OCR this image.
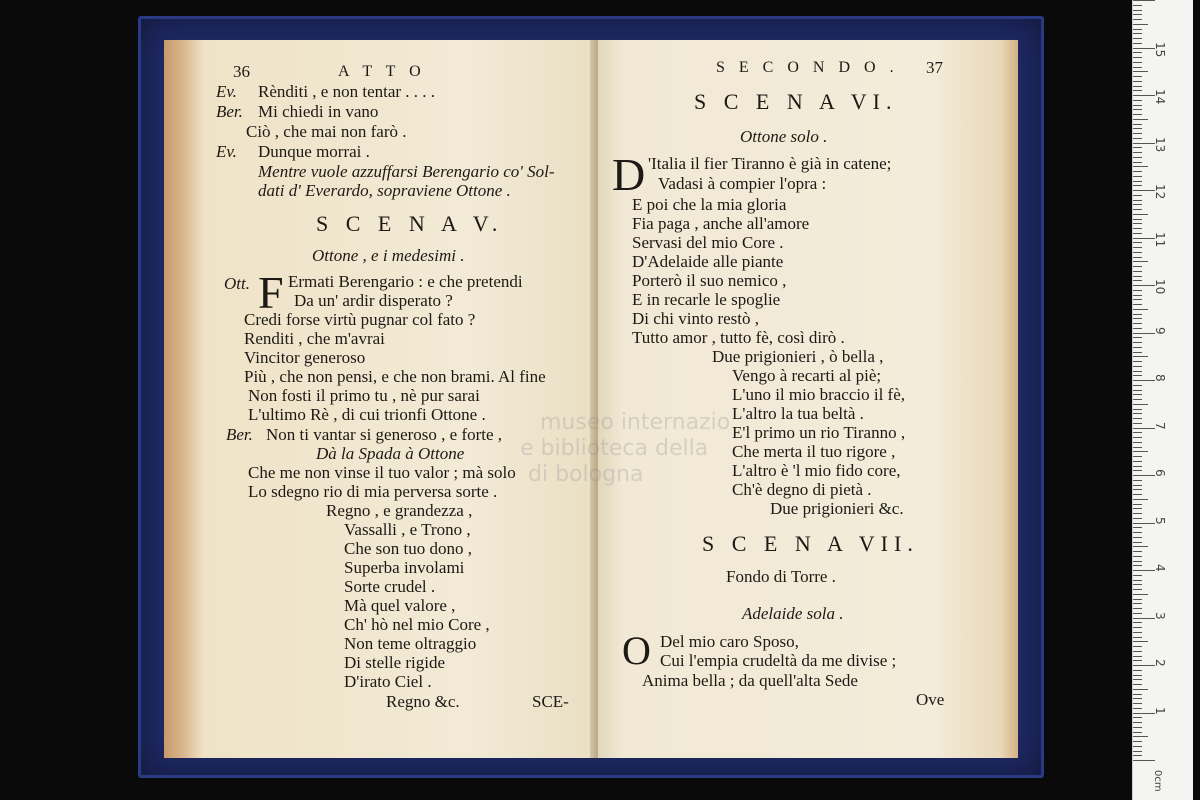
36	A T T O
Ev. Rènditi , e non tentar . . . .
Ber. Mi chiedi in vano
Ciò , che mai non farò .
Ev. Dunque morrai .
Mentre vuole azzuffarsi Berengario co' Sol-
dati d' Everardo, sopraviene Ottone .
S C E N A V.
Ottone , e i medesimi .
Ott. F Ermati Berengario : e che pretendi
Da un' ardir disperato ?
Credi forse virtù pugnar col fato ?
Renditi , che m'avrai
Vincitor generoso
Più , che non pensi, e che non brami. Al fine
Non fosti il primo tu , nè pur sarai
L'ultimo Rè , di cui trionfi Ottone .
Ber. Non ti vantar si generoso , e forte ,
Dà la Spada à Ottone
Che me non vinse il tuo valor ; mà solo
Lo sdegno rio di mia perversa sorte .
Regno , e grandezza ,
Vassalli , e Trono ,
Che son tuo dono ,
Superba involami
Sorte crudel .
Mà quel valore ,
Ch' hò nel mio Core ,
Non teme oltraggio
Di stelle rigide
D'irato Ciel .
Regno &c.	SCE-
S E C O N D O . 37
S C E N A VI.
Ottone solo .
D 'Italia il fier Tiranno è già in catene;
Vadasi à compier l'opra :
E poi che la mia gloria
Fia paga , anche all'amore
Servasi del mio Core .
D'Adelaide alle piante
Porterò il suo nemico ,
E in recarle le spoglie
Di chi vinto restò ,
Tutto amor , tutto fè, così dirò .
Due prigionieri , ò bella ,
Vengo à recarti al piè;
L'uno il mio braccio il fè,
L'altro la tua beltà .
E'l primo un rio Tiranno ,
Che merta il tuo rigore ,
L'altro è 'l mio fido core,
Ch'è degno di pietà .
Due prigionieri &c.
S C E N A VII.
Fondo di Torre .
Adelaide sola .
O Del mio caro Sposo,
Cui l'empia crudeltà da me divise ;
Anima bella ; da quell'alta Sede
Ove
museo internazio
e biblioteca della
di bologna
1
2
3
4
5
6
7
8
9
10
11
12
13
14
15
0cm
